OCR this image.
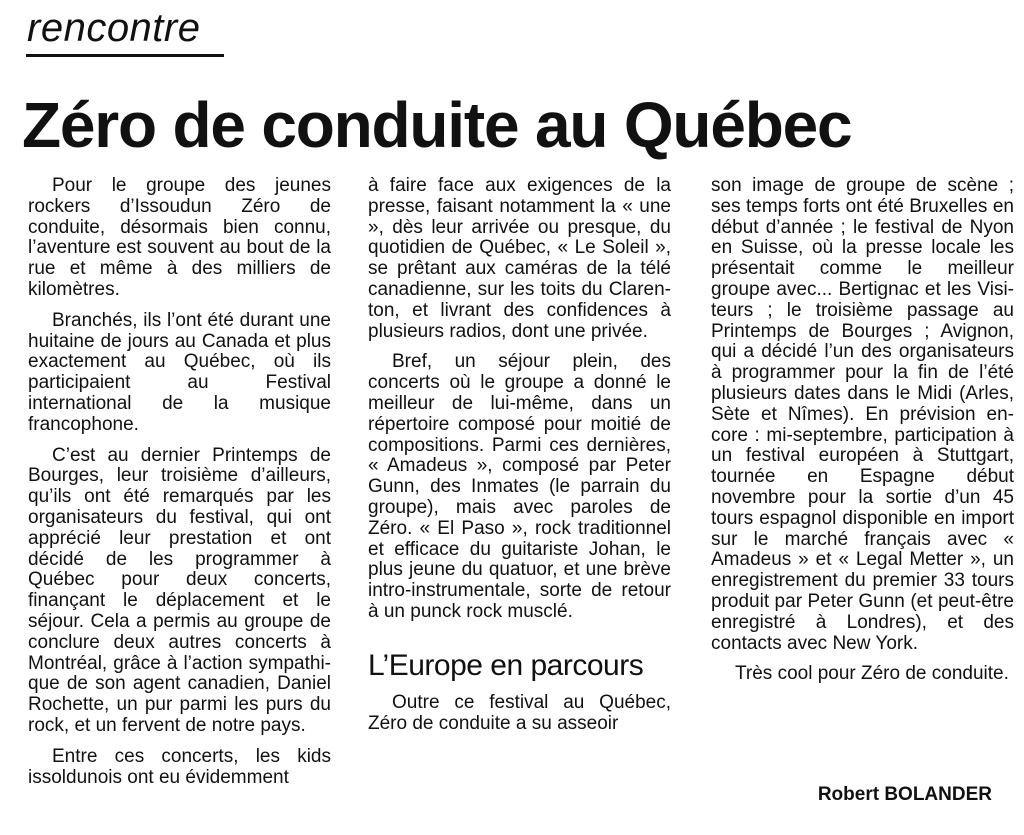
rencontre
Zéro de conduite au Québec

Pour le groupe des jeunes rockers d’Issoudun Zéro de conduite, désormais bien connu, l’aventure est souvent au bout de la rue et même à des milliers de kilomètres.

Branchés, ils l’ont été durant une huitaine de jours au Canada et plus exactement au Québec, où ils participaient au Festival international de la musique francophone.

C’est au dernier Printemps de Bourges, leur troisième d’ailleurs, qu’ils ont été remarqués par les organisateurs du festival, qui ont apprécié leur prestation et ont décidé de les programmer à Québec pour deux concerts, finançant le déplacement et le séjour. Cela a permis au groupe de conclure deux autres concerts à Montréal, grâce à l’action sympathique de son agent canadien, Daniel Rochette, un pur parmi les purs du rock, et un fervent de notre pays.

Entre ces concerts, les kids issoldunois ont eu évidemment

à faire face aux exigences de la presse, faisant notamment la « une », dès leur arrivée ou presque, du quotidien de Québec, « Le Soleil », se prêtant aux caméras de la télé canadienne, sur les toits du Clarenton, et livrant des confidences à plusieurs radios, dont une privée.

Bref, un séjour plein, des concerts où le groupe a donné le meilleur de lui-même, dans un répertoire composé pour moitié de compositions. Parmi ces dernières, « Amadeus », composé par Peter Gunn, des Inmates (le parrain du groupe), mais avec paroles de Zéro. « El Paso », rock traditionnel et efficace du guitariste Johan, le plus jeune du quatuor, et une brève intro-instrumentale, sorte de retour à un punck rock musclé.

L’Europe en parcours

Outre ce festival au Québec, Zéro de conduite a su asseoir

son image de groupe de scène ; ses temps forts ont été Bruxelles en début d’année ; le festival de Nyon en Suisse, où la presse locale les présentait comme le meilleur groupe avec... Bertignac et les Visiteurs ; le troisième passage au Printemps de Bourges ; Avignon, qui a décidé l’un des organisateurs à programmer pour la fin de l’été plusieurs dates dans le Midi (Arles, Sète et Nîmes). En prévision encore : mi-septembre, participation à un festival européen à Stuttgart, tournée en Espagne début novembre pour la sortie d’un 45 tours espagnol disponible en import sur le marché français avec « Amadeus » et « Legal Metter », un enregistrement du premier 33 tours produit par Peter Gunn (et peut-être enregistré à Londres), et des contacts avec New York.

Très cool pour Zéro de conduite.

Robert BOLANDER
